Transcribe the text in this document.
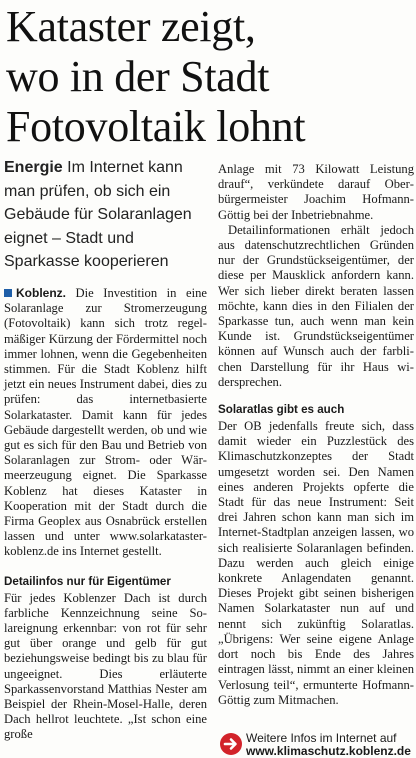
Kataster zeigt,
wo in der Stadt
Fotovoltaik lohnt
Energie Im Internet kann man prüfen, ob sich ein Gebäude für Solaranlagen eignet – Stadt und Sparkasse kooperieren

Koblenz. Die Investition in eine Solaranlage zur Stromerzeugung (Fotovoltaik) kann sich trotz regelmäßiger Kürzung der Fördermittel noch immer lohnen, wenn die Gegebenheiten stimmen. Für die Stadt Koblenz hilft jetzt ein neues Instrument dabei, dies zu prüfen: das internetbasierte Solarkataster. Damit kann für jedes Gebäude dargestellt werden, ob und wie gut es sich für den Bau und Betrieb von Solaranlagen zur Strom- oder Wärmeerzeugung eignet. Die Sparkasse Koblenz hat dieses Kataster in Kooperation mit der Stadt durch die Firma Geoplex aus Osnabrück erstellen lassen und unter www.solarkataster-koblenz.de ins Internet gestellt.

Detailinfos nur für Eigentümer

Für jedes Koblenzer Dach ist durch farbliche Kennzeichnung seine Solareignung erkennbar: von rot für sehr gut über orange und gelb für gut beziehungsweise bedingt bis zu blau für ungeeignet. Dies erläuterte Sparkassenvorstand Matthias Nester am Beispiel der Rhein-Mosel-Halle, deren Dach hellrot leuchtete. „Ist schon eine große

Anlage mit 73 Kilowatt Leistung drauf“, verkündete darauf Oberbürgermeister Joachim Hofmann-Göttig bei der Inbetriebnahme.

Detailinformationen erhält jedoch aus datenschutzrechtlichen Gründen nur der Grundstückseigentümer, der diese per Mausklick anfordern kann. Wer sich lieber direkt beraten lassen möchte, kann dies in den Filialen der Sparkasse tun, auch wenn man kein Kunde ist. Grundstückseigentümer können auf Wunsch auch der farblichen Darstellung für ihr Haus widersprechen.

Solaratlas gibt es auch

Der OB jedenfalls freute sich, dass damit wieder ein Puzzlestück des Klimaschutzkonzeptes der Stadt umgesetzt worden sei. Den Namen eines anderen Projekts opferte die Stadt für das neue Instrument: Seit drei Jahren schon kann man sich im Internet-Stadtplan anzeigen lassen, wo sich realisierte Solaranlagen befinden. Dazu werden auch gleich einige konkrete Anlagendaten genannt. Dieses Projekt gibt seinen bisherigen Namen Solarkataster nun auf und nennt sich zukünftig Solaratlas. „Übrigens: Wer seine eigene Anlage dort noch bis Ende des Jahres eintragen lässt, nimmt an einer kleinen Verlosung teil“, ermunterte Hofmann-Göttig zum Mitmachen.

Weitere Infos im Internet auf
www.klimaschutz.koblenz.de
